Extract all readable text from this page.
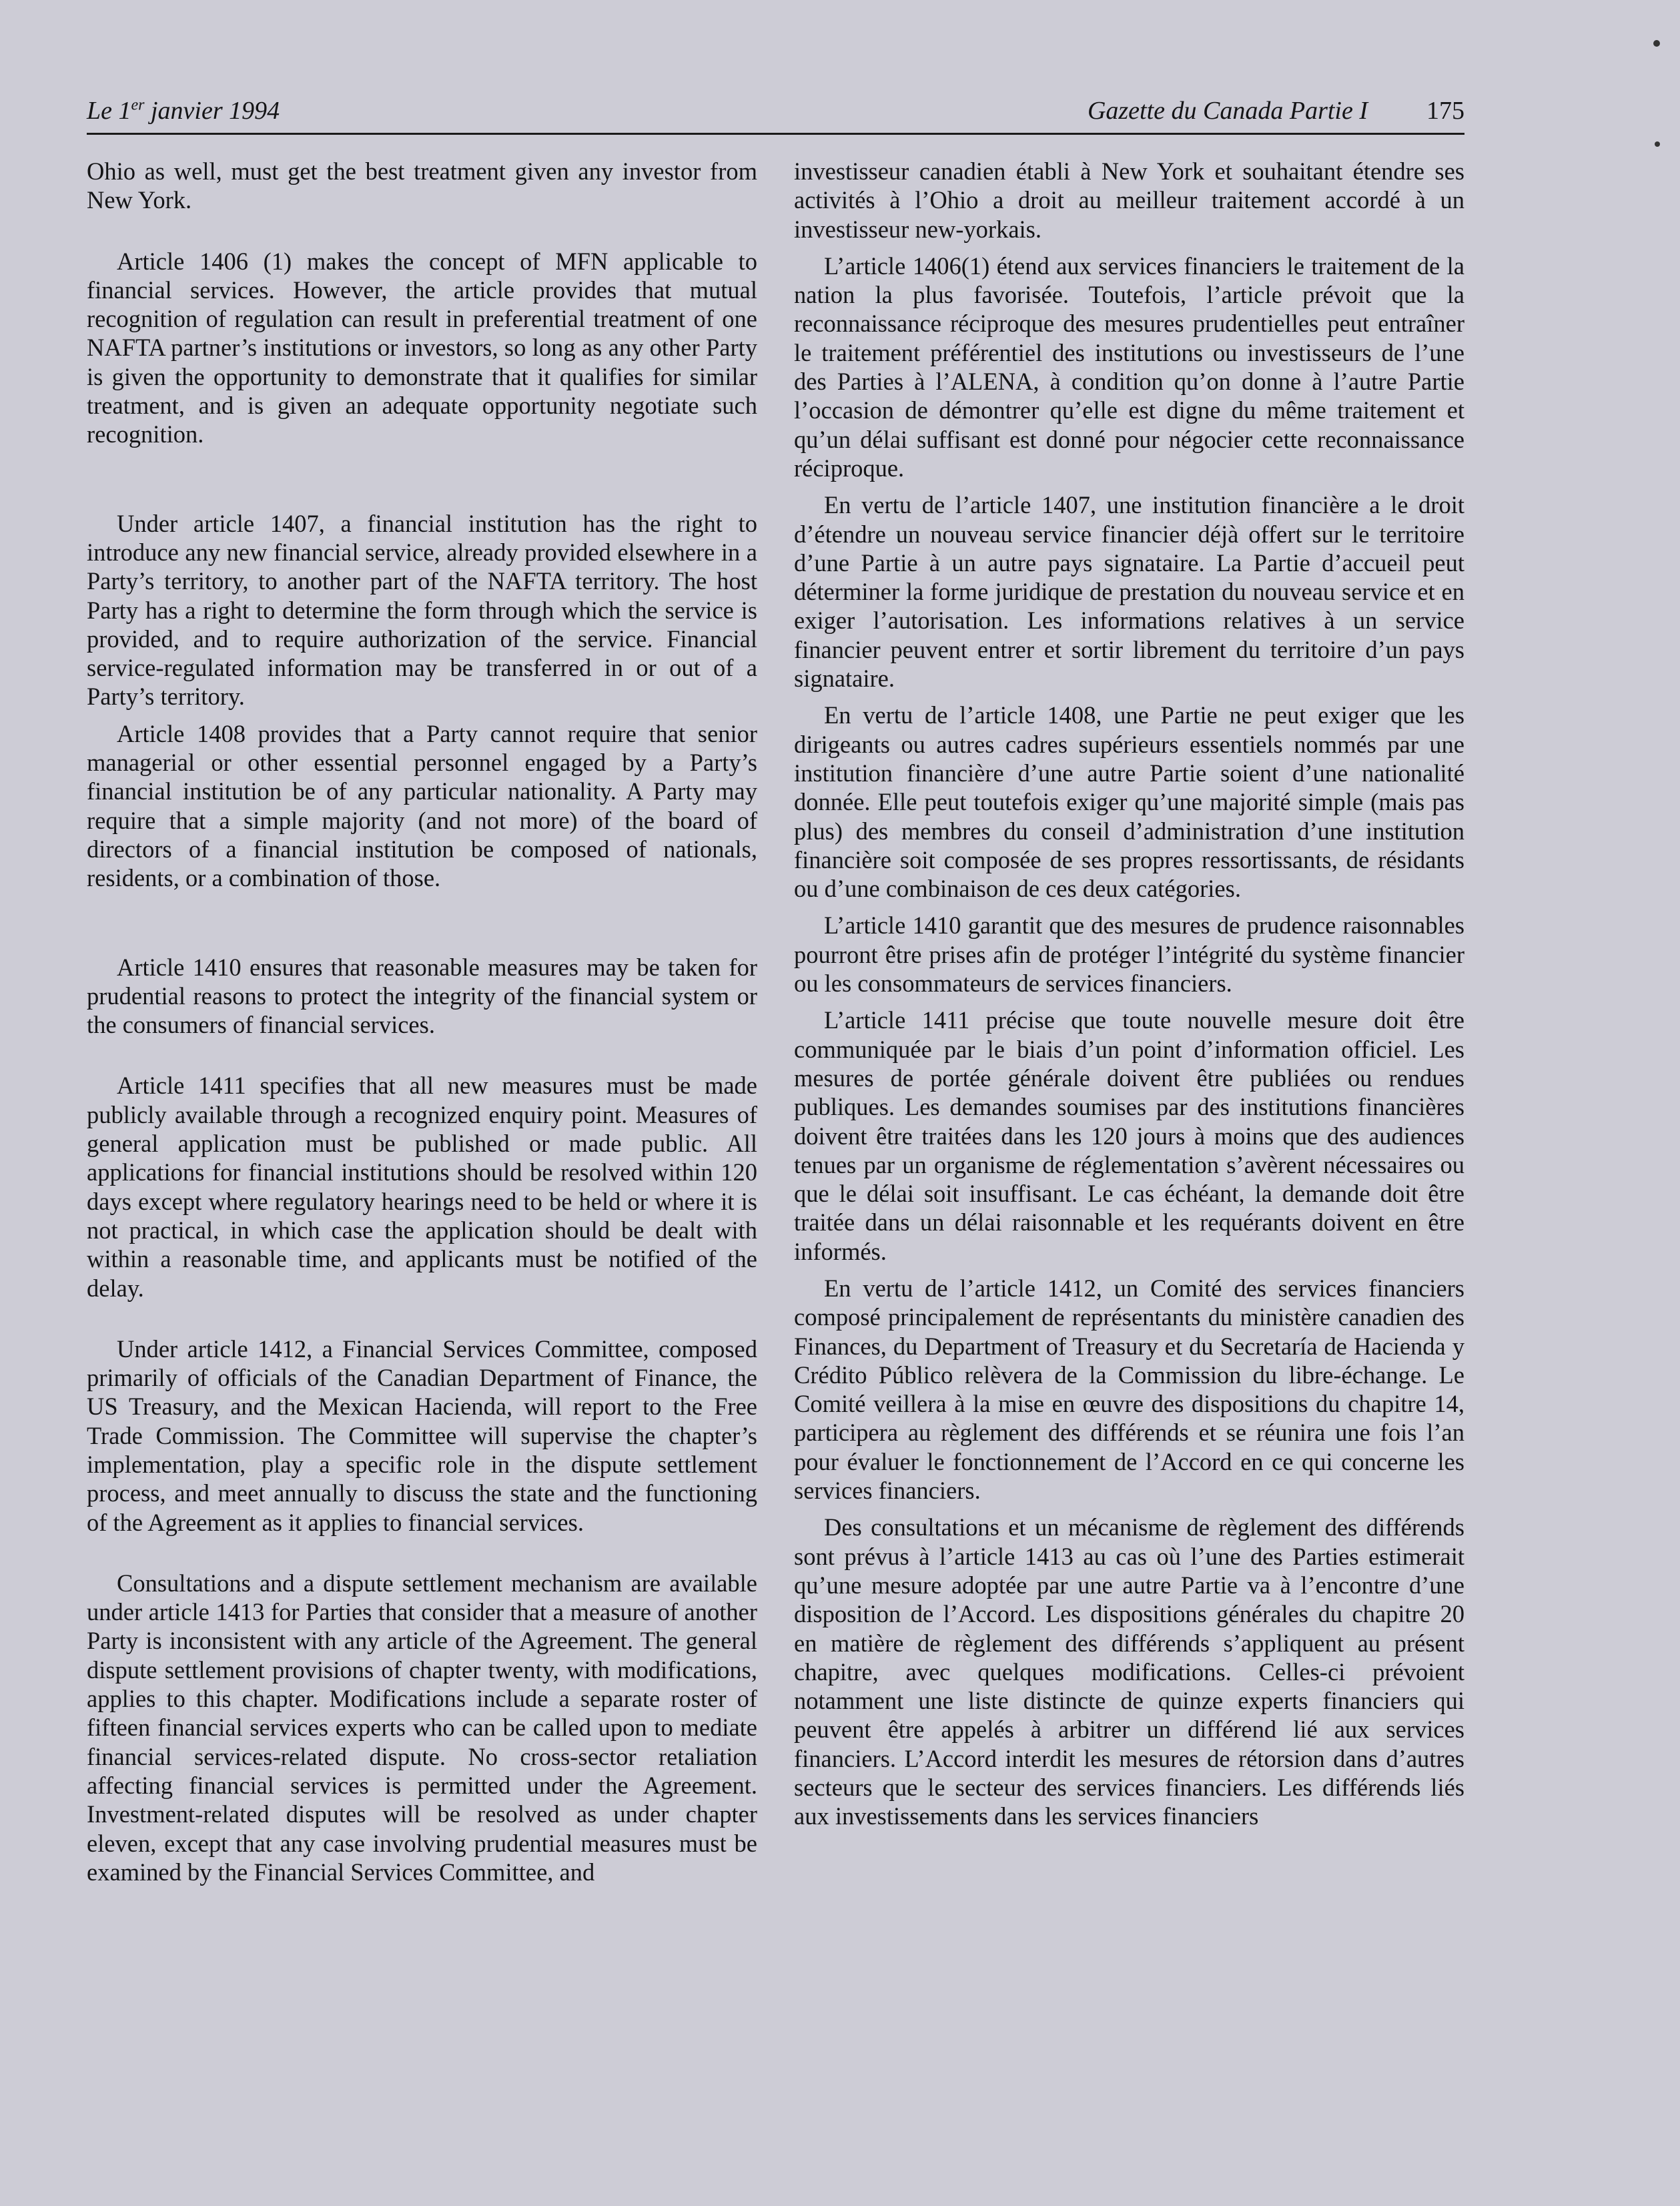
Le 1er janvier 1994	Gazette du Canada Partie I 175

Ohio as well, must get the best treatment given any investor from New York.

Article 1406 (1) makes the concept of MFN applicable to financial services. However, the article provides that mutual recognition of regulation can result in preferential treatment of one NAFTA partner’s institutions or investors, so long as any other Party is given the opportunity to demonstrate that it qualifies for similar treatment, and is given an adequate opportunity negotiate such recognition.

Under article 1407, a financial institution has the right to introduce any new financial service, already provided elsewhere in a Party’s territory, to another part of the NAFTA territory. The host Party has a right to determine the form through which the service is provided, and to require authorization of the service. Financial service-regulated information may be transferred in or out of a Party’s territory.

Article 1408 provides that a Party cannot require that senior managerial or other essential personnel engaged by a Party’s financial institution be of any particular nationality. A Party may require that a simple majority (and not more) of the board of directors of a financial institution be composed of nationals, residents, or a combination of those.

Article 1410 ensures that reasonable measures may be taken for prudential reasons to protect the integrity of the financial system or the consumers of financial services.

Article 1411 specifies that all new measures must be made publicly available through a recognized enquiry point. Measures of general application must be published or made public. All applications for financial institutions should be resolved within 120 days except where regulatory hearings need to be held or where it is not practical, in which case the application should be dealt with within a reasonable time, and applicants must be notified of the delay.

Under article 1412, a Financial Services Committee, composed primarily of officials of the Canadian Department of Finance, the US Treasury, and the Mexican Hacienda, will report to the Free Trade Commission. The Committee will supervise the chapter’s implementation, play a specific role in the dispute settlement process, and meet annually to discuss the state and the functioning of the Agreement as it applies to financial services.

Consultations and a dispute settlement mechanism are available under article 1413 for Parties that consider that a measure of another Party is inconsistent with any article of the Agreement. The general dispute settlement provisions of chapter twenty, with modifications, applies to this chapter. Modifications include a separate roster of fifteen financial services experts who can be called upon to mediate financial services-related dispute. No cross-sector retaliation affecting financial services is permitted under the Agreement. Investment-related disputes will be resolved as under chapter eleven, except that any case involving prudential measures must be examined by the Financial Services Committee, and

investisseur canadien établi à New York et souhaitant étendre ses activités à l’Ohio a droit au meilleur traitement accordé à un investisseur new-yorkais.

L’article 1406(1) étend aux services financiers le traitement de la nation la plus favorisée. Toutefois, l’article prévoit que la reconnaissance réciproque des mesures prudentielles peut entraîner le traitement préférentiel des institutions ou investisseurs de l’une des Parties à l’ALENA, à condition qu’on donne à l’autre Partie l’occasion de démontrer qu’elle est digne du même traitement et qu’un délai suffisant est donné pour négocier cette reconnaissance réciproque.

En vertu de l’article 1407, une institution financière a le droit d’étendre un nouveau service financier déjà offert sur le territoire d’une Partie à un autre pays signataire. La Partie d’accueil peut déterminer la forme juridique de prestation du nouveau service et en exiger l’autorisation. Les informations relatives à un service financier peuvent entrer et sortir librement du territoire d’un pays signataire.

En vertu de l’article 1408, une Partie ne peut exiger que les dirigeants ou autres cadres supérieurs essentiels nommés par une institution financière d’une autre Partie soient d’une nationalité donnée. Elle peut toutefois exiger qu’une majorité simple (mais pas plus) des membres du conseil d’administration d’une institution financière soit composée de ses propres ressortissants, de résidants ou d’une combinaison de ces deux catégories.

L’article 1410 garantit que des mesures de prudence raisonnables pourront être prises afin de protéger l’intégrité du système financier ou les consommateurs de services financiers.

L’article 1411 précise que toute nouvelle mesure doit être communiquée par le biais d’un point d’information officiel. Les mesures de portée générale doivent être publiées ou rendues publiques. Les demandes soumises par des institutions financières doivent être traitées dans les 120 jours à moins que des audiences tenues par un organisme de réglementation s’avèrent nécessaires ou que le délai soit insuffisant. Le cas échéant, la demande doit être traitée dans un délai raisonnable et les requérants doivent en être informés.

En vertu de l’article 1412, un Comité des services financiers composé principalement de représentants du ministère canadien des Finances, du Department of Treasury et du Secretaría de Hacienda y Crédito Público relèvera de la Commission du libre-échange. Le Comité veillera à la mise en œuvre des dispositions du chapitre 14, participera au règlement des différends et se réunira une fois l’an pour évaluer le fonctionnement de l’Accord en ce qui concerne les services financiers.

Des consultations et un mécanisme de règlement des différends sont prévus à l’article 1413 au cas où l’une des Parties estimerait qu’une mesure adoptée par une autre Partie va à l’encontre d’une disposition de l’Accord. Les dispositions générales du chapitre 20 en matière de règlement des différends s’appliquent au présent chapitre, avec quelques modifications. Celles-ci prévoient notamment une liste distincte de quinze experts financiers qui peuvent être appelés à arbitrer un différend lié aux services financiers. L’Accord interdit les mesures de rétorsion dans d’autres secteurs que le secteur des services financiers. Les différends liés aux investissements dans les services financiers
